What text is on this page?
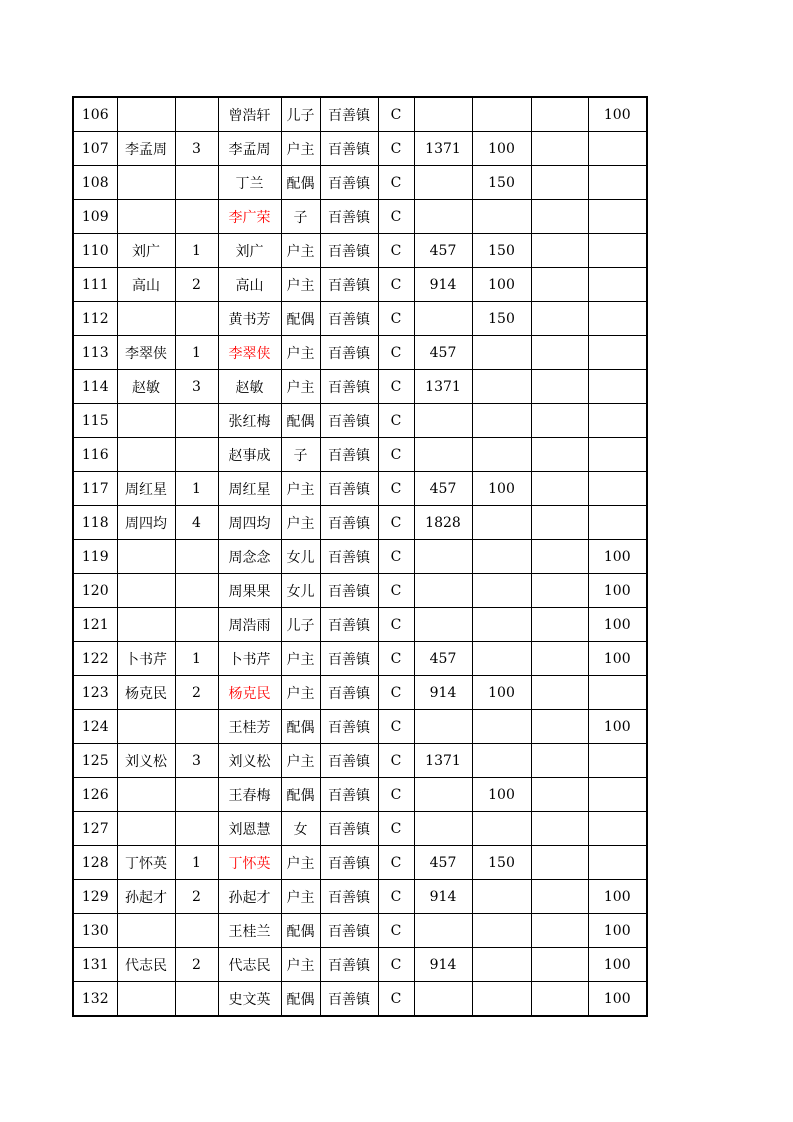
106			曾浩轩	儿子	百善镇	C				100
107	李孟周	3	李孟周	户主	百善镇	C	1371	100		
108			丁兰	配偶	百善镇	C		150		
109			李广荣	子	百善镇	C				
110	刘广	1	刘广	户主	百善镇	C	457	150		
111	高山	2	高山	户主	百善镇	C	914	100		
112			黄书芳	配偶	百善镇	C		150		
113	李翠侠	1	李翠侠	户主	百善镇	C	457			
114	赵敏	3	赵敏	户主	百善镇	C	1371			
115			张红梅	配偶	百善镇	C				
116			赵事成	子	百善镇	C				
117	周红星	1	周红星	户主	百善镇	C	457	100		
118	周四均	4	周四均	户主	百善镇	C	1828			
119			周念念	女儿	百善镇	C				100
120			周果果	女儿	百善镇	C				100
121			周浩雨	儿子	百善镇	C				100
122	卜书芹	1	卜书芹	户主	百善镇	C	457			100
123	杨克民	2	杨克民	户主	百善镇	C	914	100		
124			王桂芳	配偶	百善镇	C				100
125	刘义松	3	刘义松	户主	百善镇	C	1371			
126			王春梅	配偶	百善镇	C		100		
127			刘恩慧	女	百善镇	C				
128	丁怀英	1	丁怀英	户主	百善镇	C	457	150		
129	孙起才	2	孙起才	户主	百善镇	C	914			100
130			王桂兰	配偶	百善镇	C				100
131	代志民	2	代志民	户主	百善镇	C	914			100
132			史文英	配偶	百善镇	C				100
